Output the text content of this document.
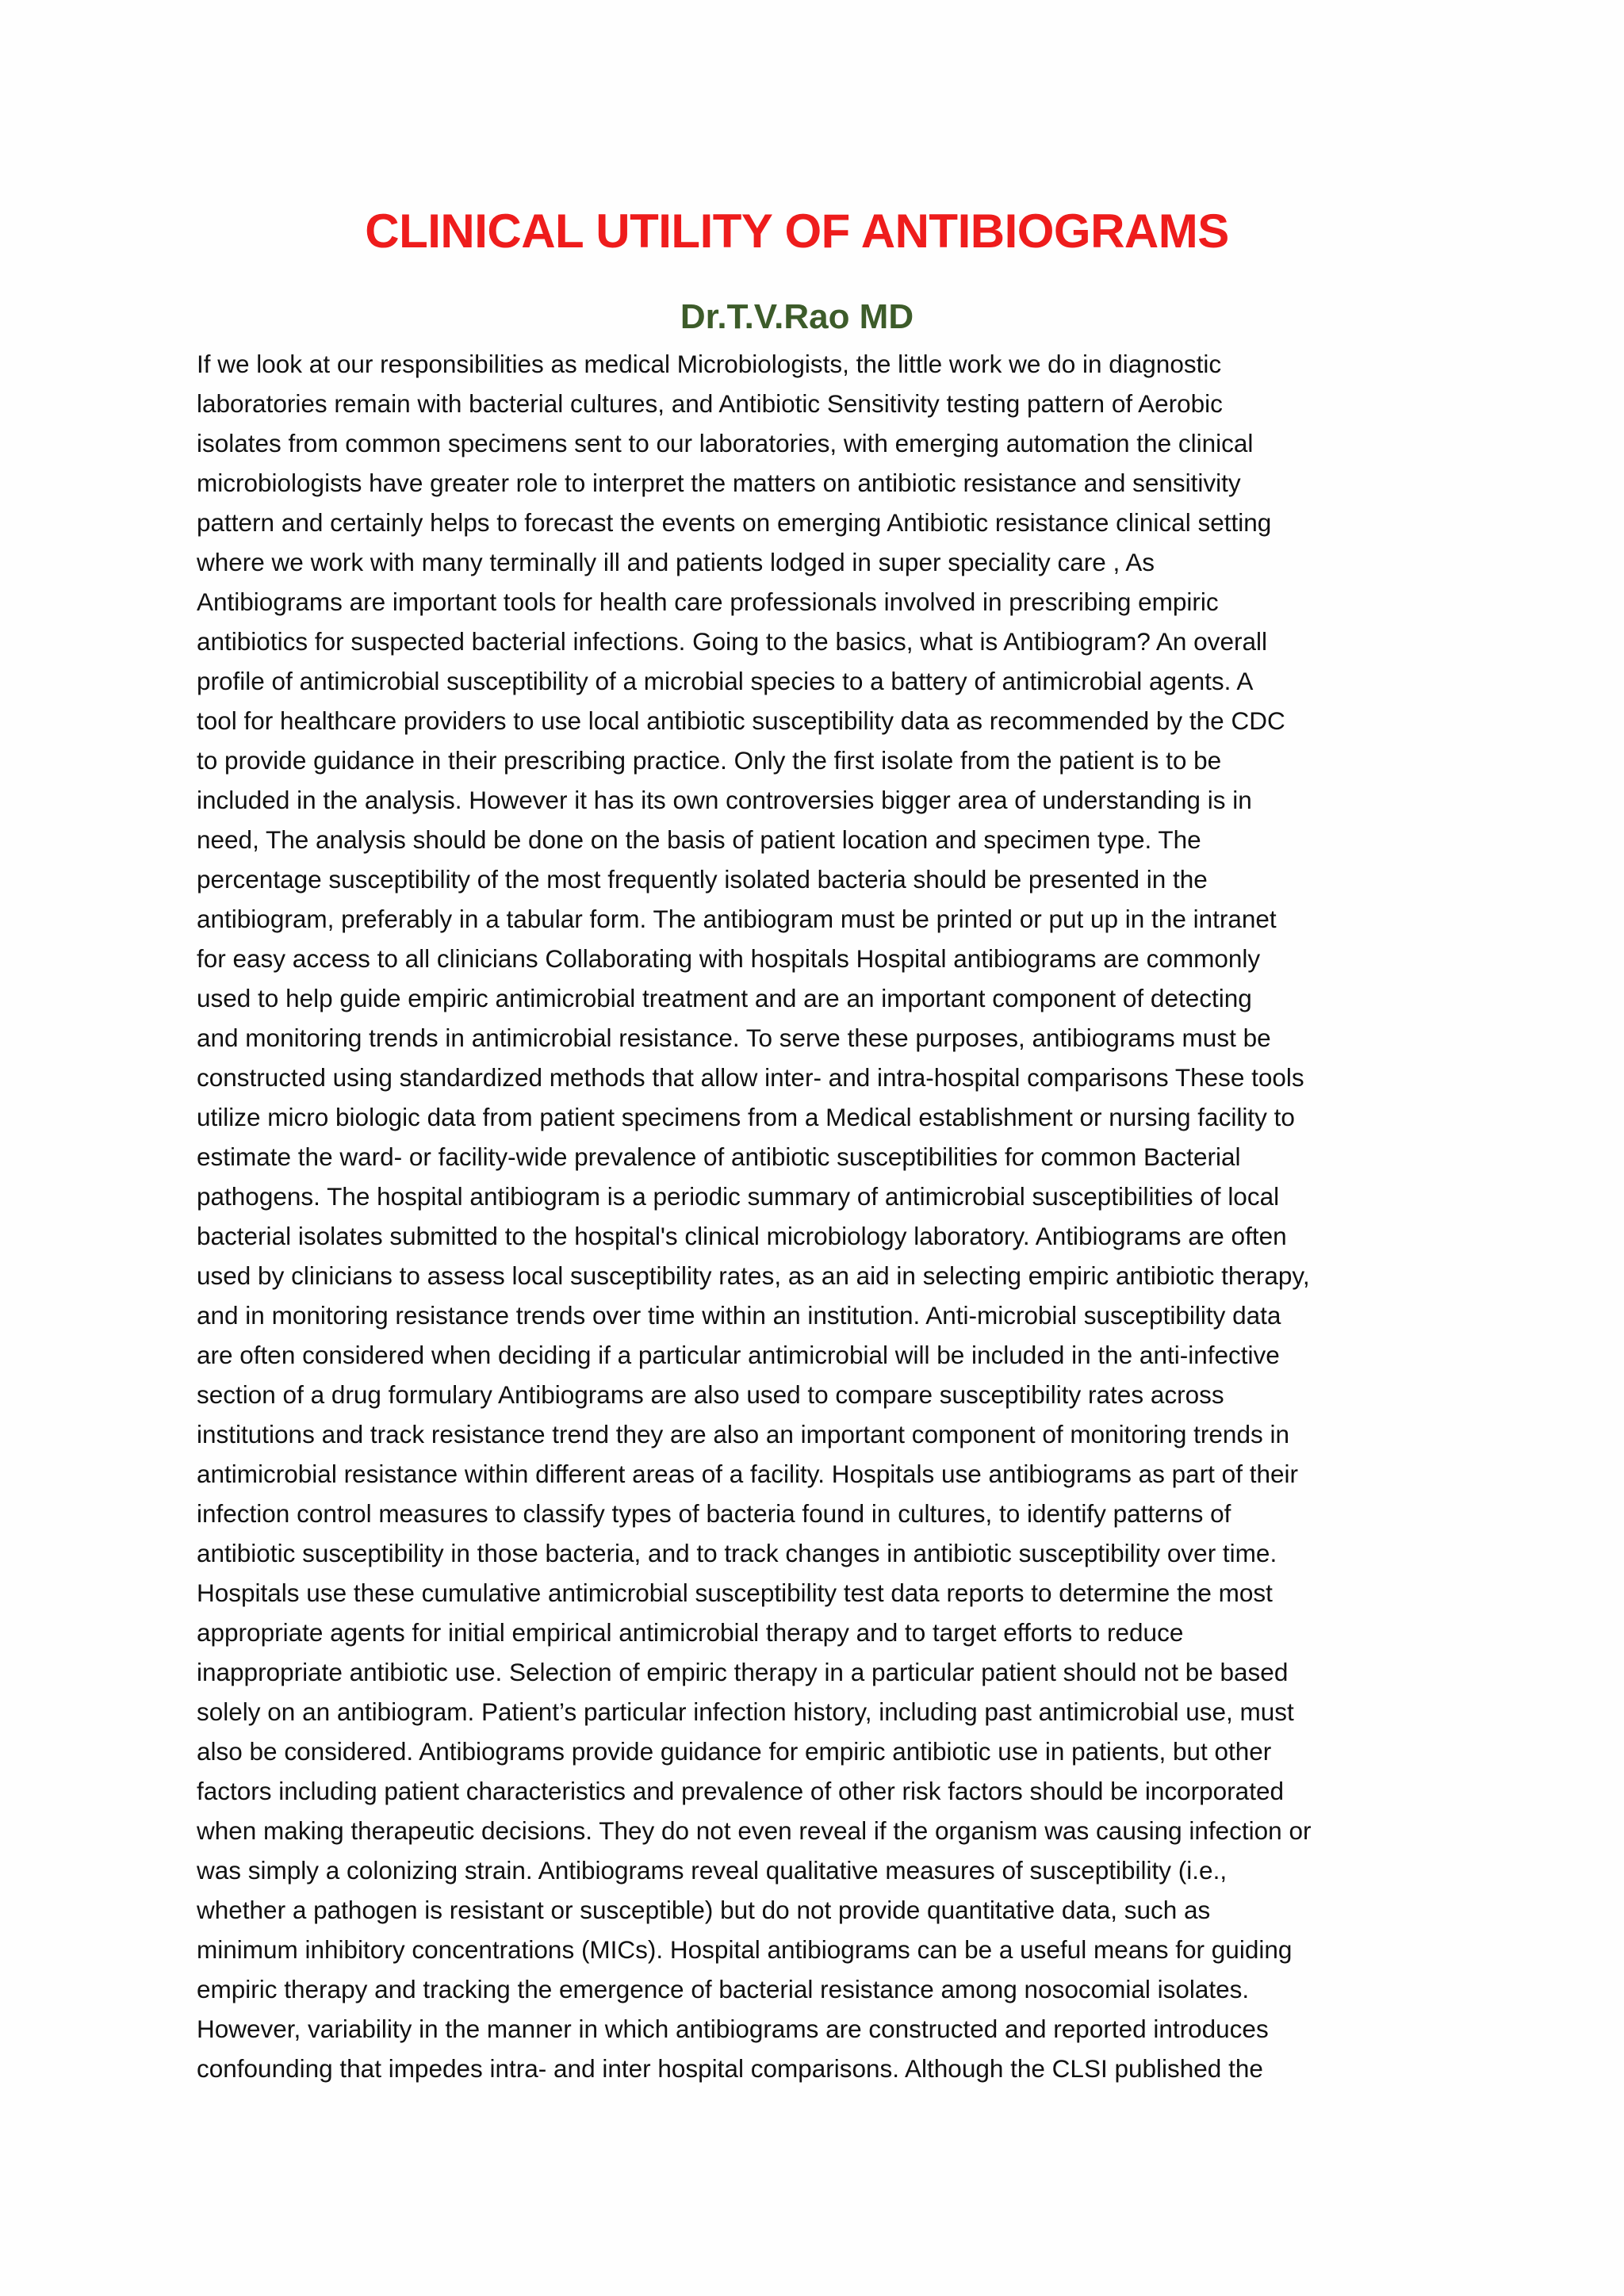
CLINICAL UTILITY OF ANTIBIOGRAMS
Dr.T.V.Rao MD
If we look at our responsibilities as medical Microbiologists, the little work we do in diagnostic
laboratories remain with bacterial cultures, and Antibiotic Sensitivity testing pattern of Aerobic
isolates from common specimens sent to our laboratories, with emerging automation the clinical
microbiologists have greater role to interpret the matters on antibiotic resistance and sensitivity
pattern and certainly helps to forecast the events on emerging Antibiotic resistance clinical setting
where we work with many terminally ill and patients lodged in super speciality care , As
Antibiograms are important tools for health care professionals involved in prescribing empiric
antibiotics for suspected bacterial infections. Going to the basics, what is Antibiogram? An overall
profile of antimicrobial susceptibility of a microbial species to a battery of antimicrobial agents. A
tool for healthcare providers to use local antibiotic susceptibility data as recommended by the CDC
to provide guidance in their prescribing practice. Only the first isolate from the patient is to be
included in the analysis. However it has its own controversies bigger area of understanding is in
need, The analysis should be done on the basis of patient location and specimen type. The
percentage susceptibility of the most frequently isolated bacteria should be presented in the
antibiogram, preferably in a tabular form. The antibiogram must be printed or put up in the intranet
for easy access to all clinicians Collaborating with hospitals Hospital antibiograms are commonly
used to help guide empiric antimicrobial treatment and are an important component of detecting
and monitoring trends in antimicrobial resistance. To serve these purposes, antibiograms must be
constructed using standardized methods that allow inter- and intra-hospital comparisons These tools
utilize micro biologic data from patient specimens from a Medical establishment or nursing facility to
estimate the ward- or facility-wide prevalence of antibiotic susceptibilities for common Bacterial
pathogens. The hospital antibiogram is a periodic summary of antimicrobial susceptibilities of local
bacterial isolates submitted to the hospital's clinical microbiology laboratory. Antibiograms are often
used by clinicians to assess local susceptibility rates, as an aid in selecting empiric antibiotic therapy,
and in monitoring resistance trends over time within an institution. Anti-microbial susceptibility data
are often considered when deciding if a particular antimicrobial will be included in the anti-infective
section of a drug formulary Antibiograms are also used to compare susceptibility rates across
institutions and track resistance trend they are also an important component of monitoring trends in
antimicrobial resistance within different areas of a facility. Hospitals use antibiograms as part of their
infection control measures to classify types of bacteria found in cultures, to identify patterns of
antibiotic susceptibility in those bacteria, and to track changes in antibiotic susceptibility over time.
Hospitals use these cumulative antimicrobial susceptibility test data reports to determine the most
appropriate agents for initial empirical antimicrobial therapy and to target efforts to reduce
inappropriate antibiotic use. Selection of empiric therapy in a particular patient should not be based
solely on an antibiogram. Patient’s particular infection history, including past antimicrobial use, must
also be considered. Antibiograms provide guidance for empiric antibiotic use in patients, but other
factors including patient characteristics and prevalence of other risk factors should be incorporated
when making therapeutic decisions. They do not even reveal if the organism was causing infection or
was simply a colonizing strain. Antibiograms reveal qualitative measures of susceptibility (i.e.,
whether a pathogen is resistant or susceptible) but do not provide quantitative data, such as
minimum inhibitory concentrations (MICs). Hospital antibiograms can be a useful means for guiding
empiric therapy and tracking the emergence of bacterial resistance among nosocomial isolates.
However, variability in the manner in which antibiograms are constructed and reported introduces
confounding that impedes intra- and inter hospital comparisons. Although the CLSI published the
